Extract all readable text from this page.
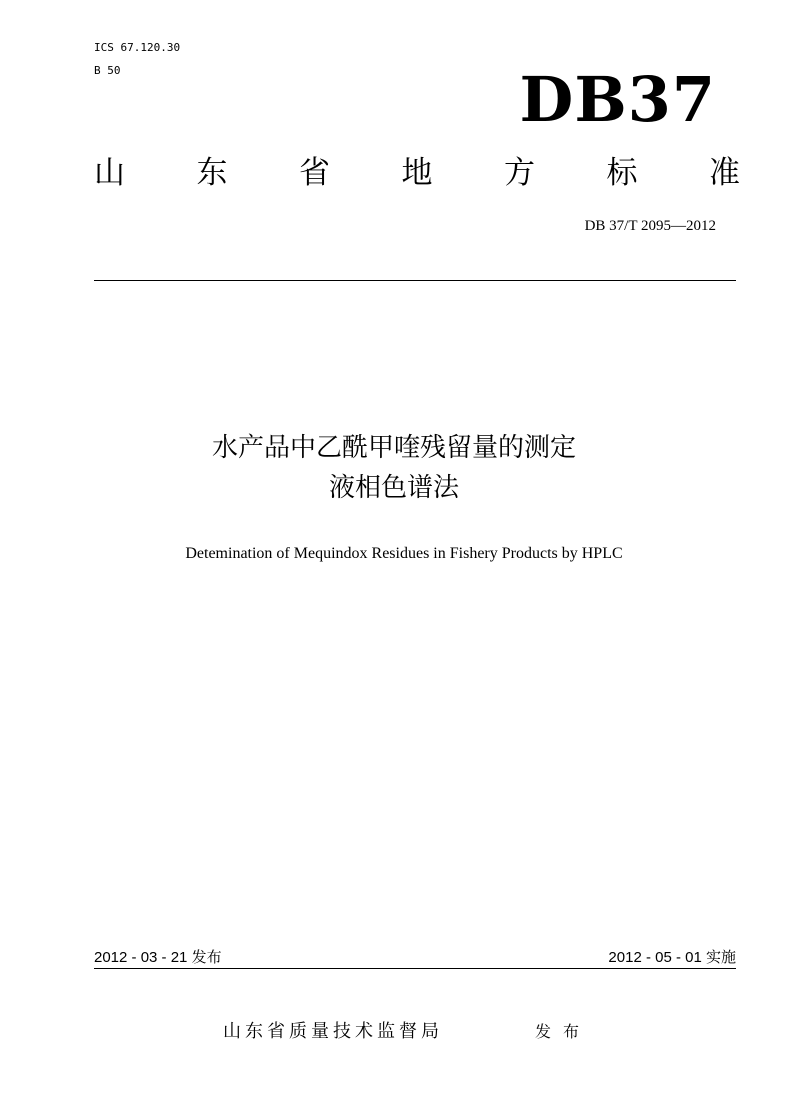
ICS 67.120.30
B 50	DB37
山 东 省 地 方 标 准
DB 37/T 2095—2012
水产品中乙酰甲喹残留量的测定
液相色谱法
Detemination of Mequindox Residues in Fishery Products by HPLC
2012 - 03 - 21 发布	2012 - 05 - 01 实施
山东省质量技术监督局	发布
